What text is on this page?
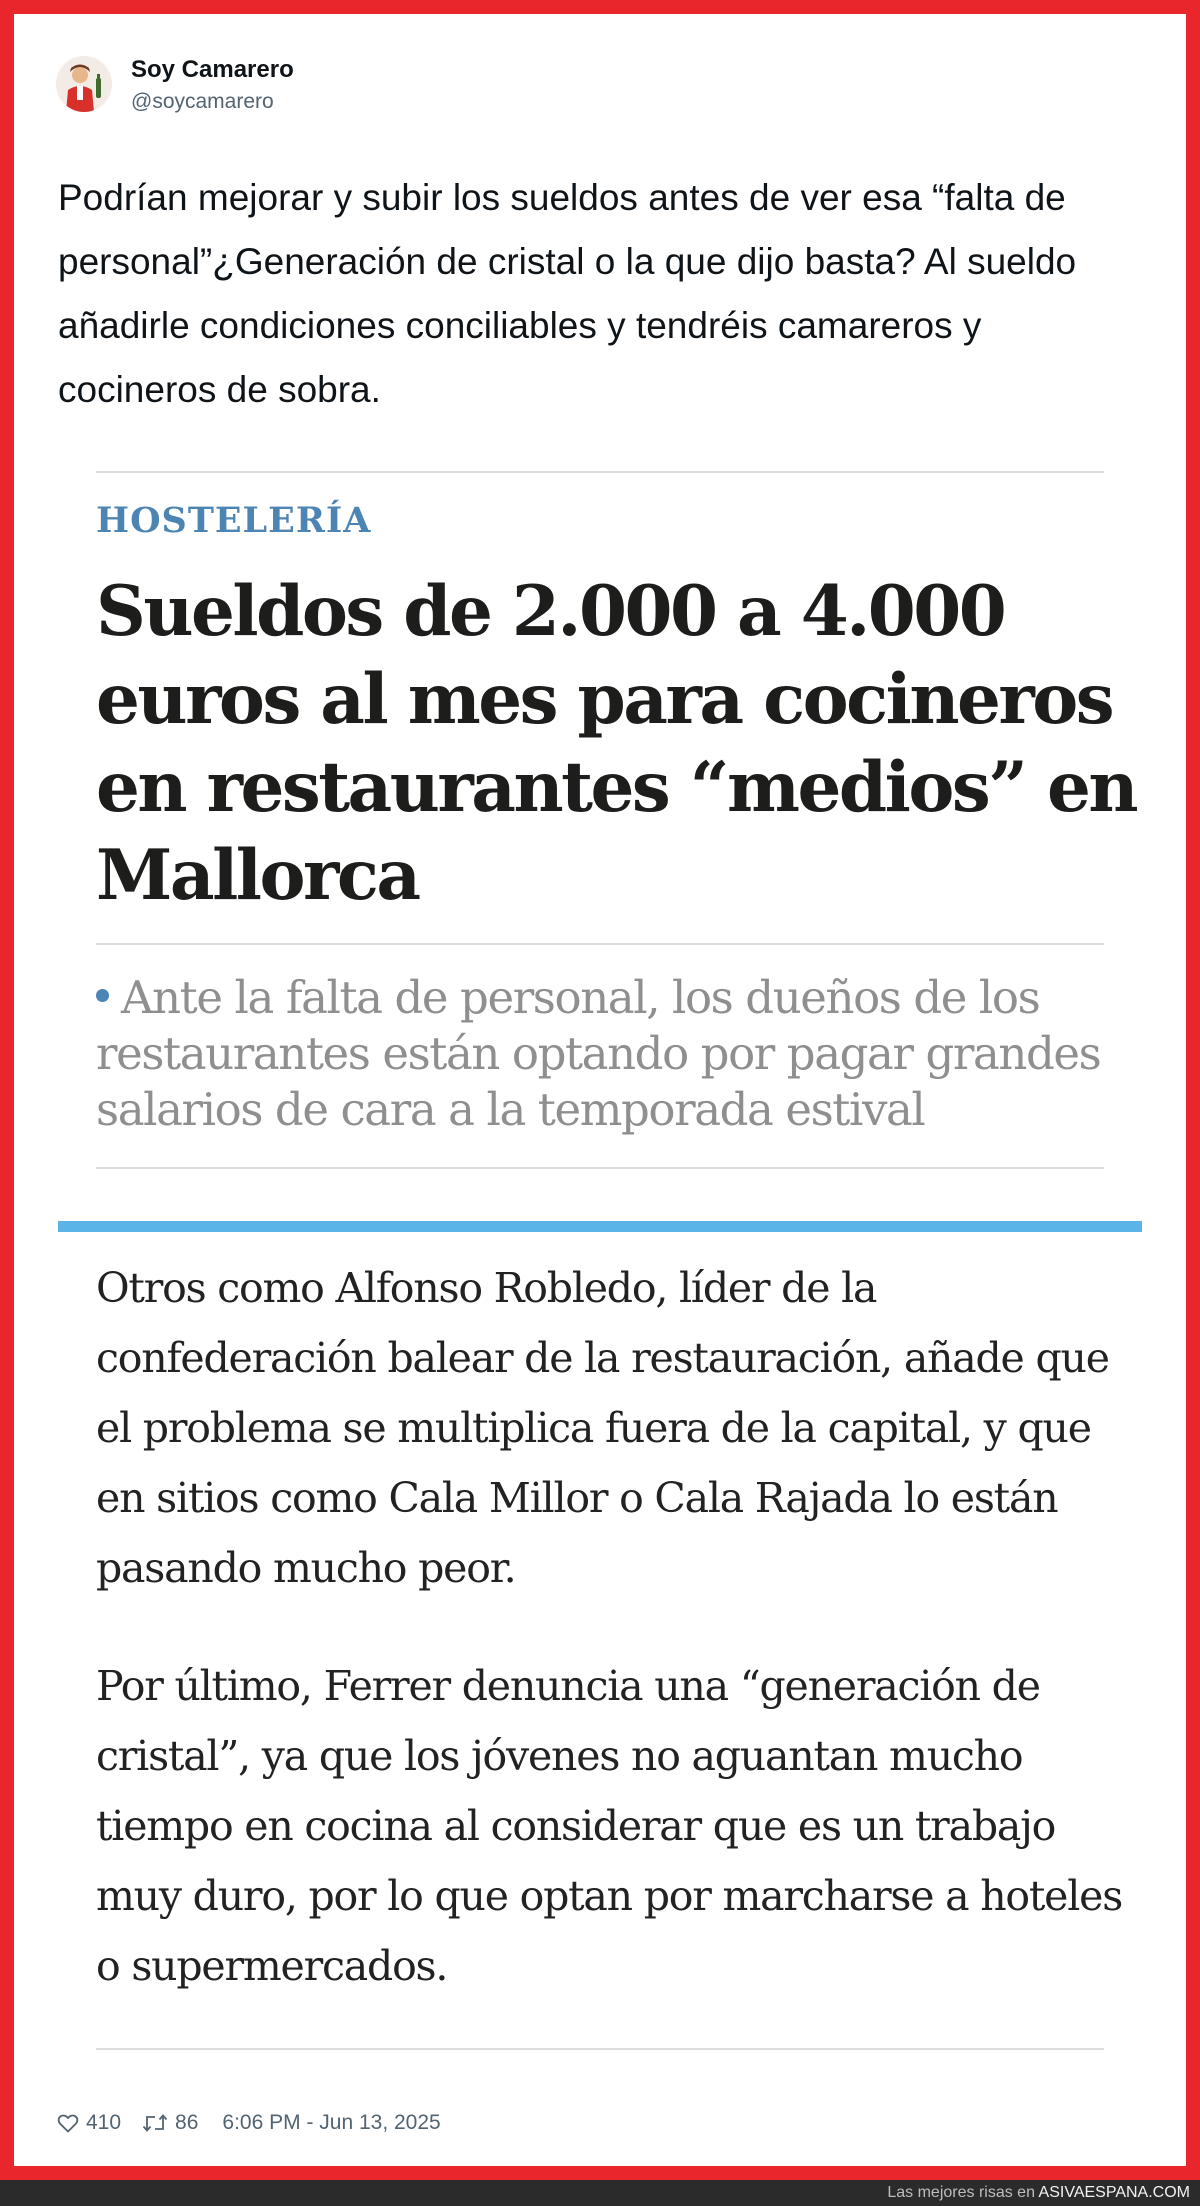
Soy Camarero
@soycamarero
Podrían mejorar y subir los sueldos antes de ver esa “falta de personal”¿Generación de cristal o la que dijo basta? Al sueldo añadirle condiciones conciliables y tendréis camareros y cocineros de sobra.
HOSTELERÍA
Sueldos de 2.000 a 4.000 euros al mes para cocineros en restaurantes “medios” en Mallorca
Ante la falta de personal, los dueños de los restaurantes están optando por pagar grandes salarios de cara a la temporada estival
Otros como Alfonso Robledo, líder de la confederación balear de la restauración, añade que el problema se multiplica fuera de la capital, y que en sitios como Cala Millor o Cala Rajada lo están pasando mucho peor.
Por último, Ferrer denuncia una “generación de cristal”, ya que los jóvenes no aguantan mucho tiempo en cocina al considerar que es un trabajo muy duro, por lo que optan por marcharse a hoteles o supermercados.
410	86 6:06 PM - Jun 13, 2025
Las mejores risas en ASIVAESPANA.COM
